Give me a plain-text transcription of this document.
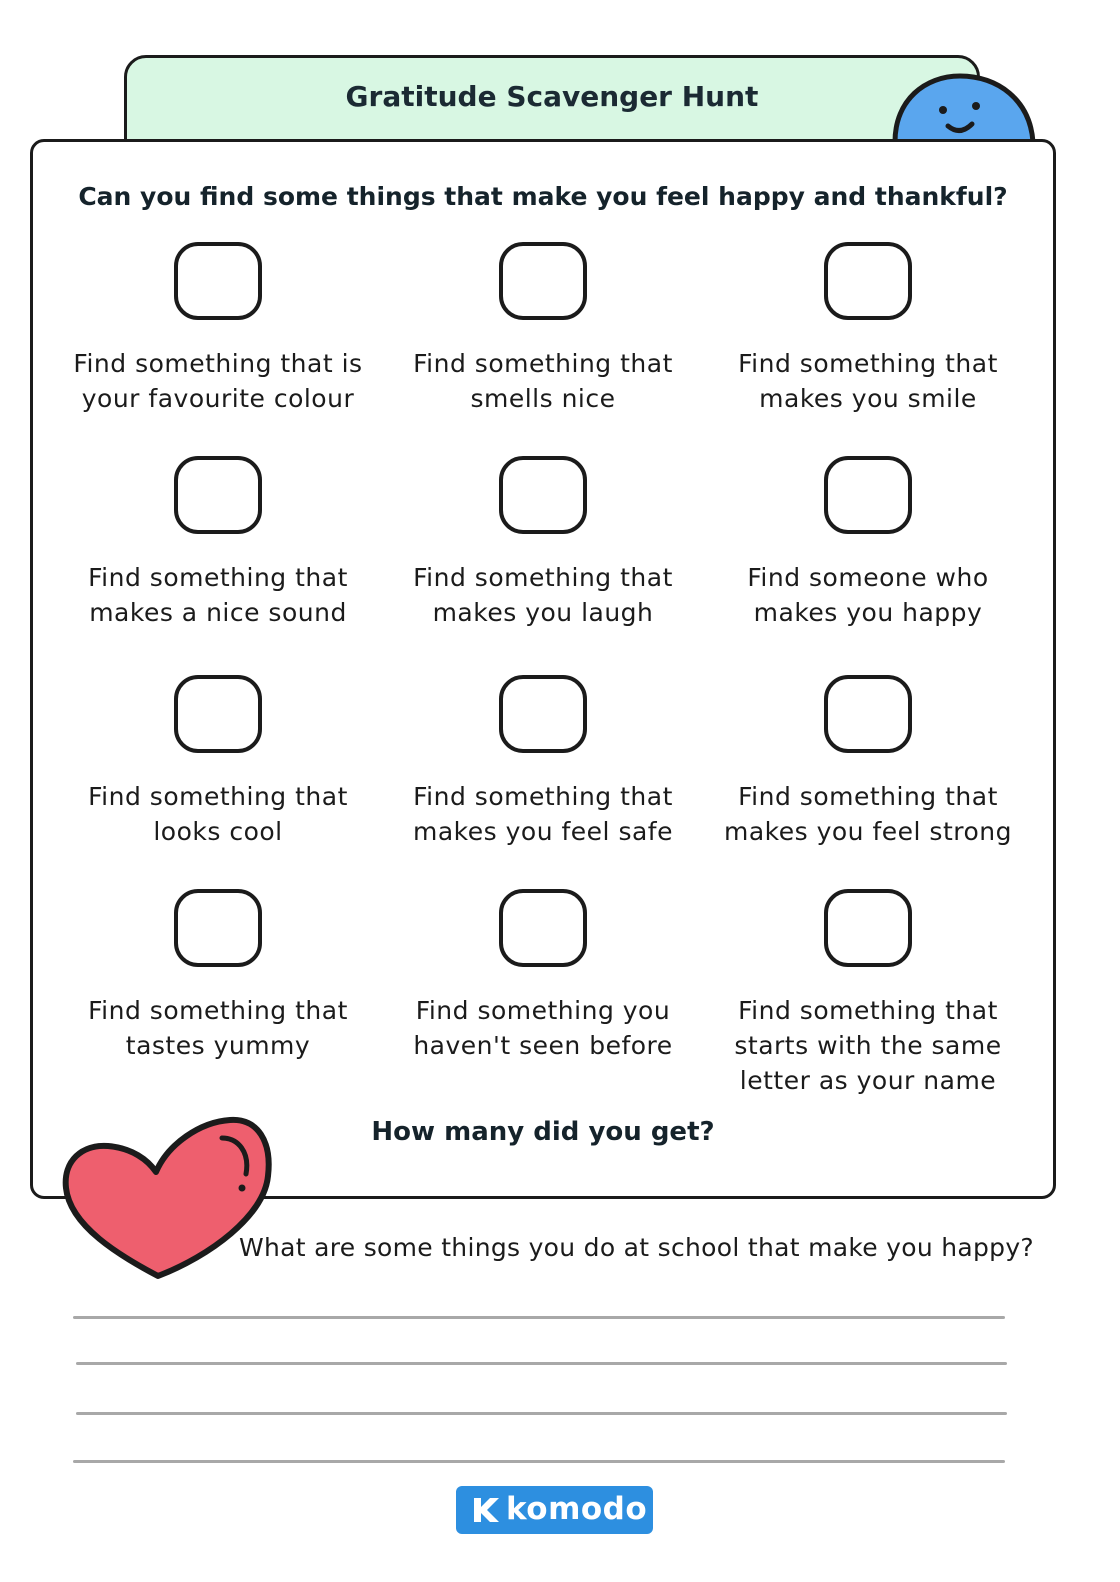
Gratitude Scavenger Hunt
Can you find some things that make you feel happy and thankful?
Find something that is
your favourite colour
Find something that
smells nice
Find something that
makes you smile
Find something that
makes a nice sound
Find something that
makes you laugh
Find someone who
makes you happy
Find something that
looks cool
Find something that
makes you feel safe
Find something that
makes you feel strong
Find something that
tastes yummy
Find something you
haven't seen before
Find something that
starts with the same
letter as your name
How many did you get?
What are some things you do at school that make you happy?
komodo
